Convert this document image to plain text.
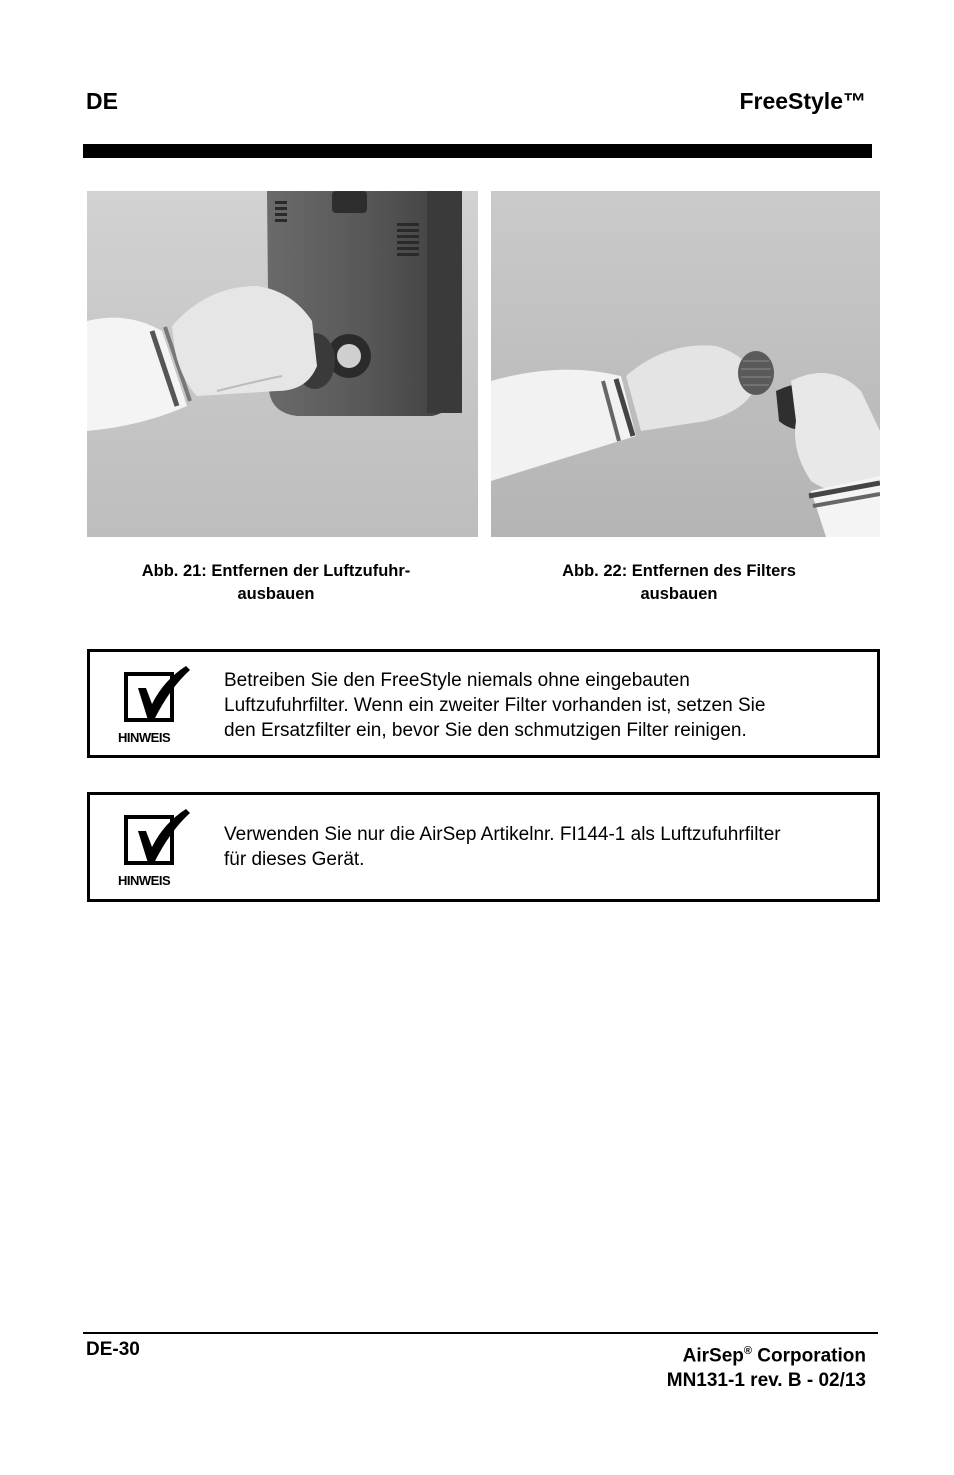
DE	FreeStyle™
Abb. 21: Entfernen der Luftzufuhr-
ausbauen
Abb. 22: Entfernen des Filters
ausbauen
HINWEIS
Betreiben Sie den FreeStyle niemals ohne eingebauten
Luftzufuhrfilter. Wenn ein zweiter Filter vorhanden ist, setzen Sie
den Ersatzfilter ein, bevor Sie den schmutzigen Filter reinigen.
HINWEIS
Verwenden Sie nur die AirSep Artikelnr. FI144-1 als Luftzufuhrfilter
für dieses Gerät.
DE-30	AirSep® Corporation
MN131-1 rev. B - 02/13
